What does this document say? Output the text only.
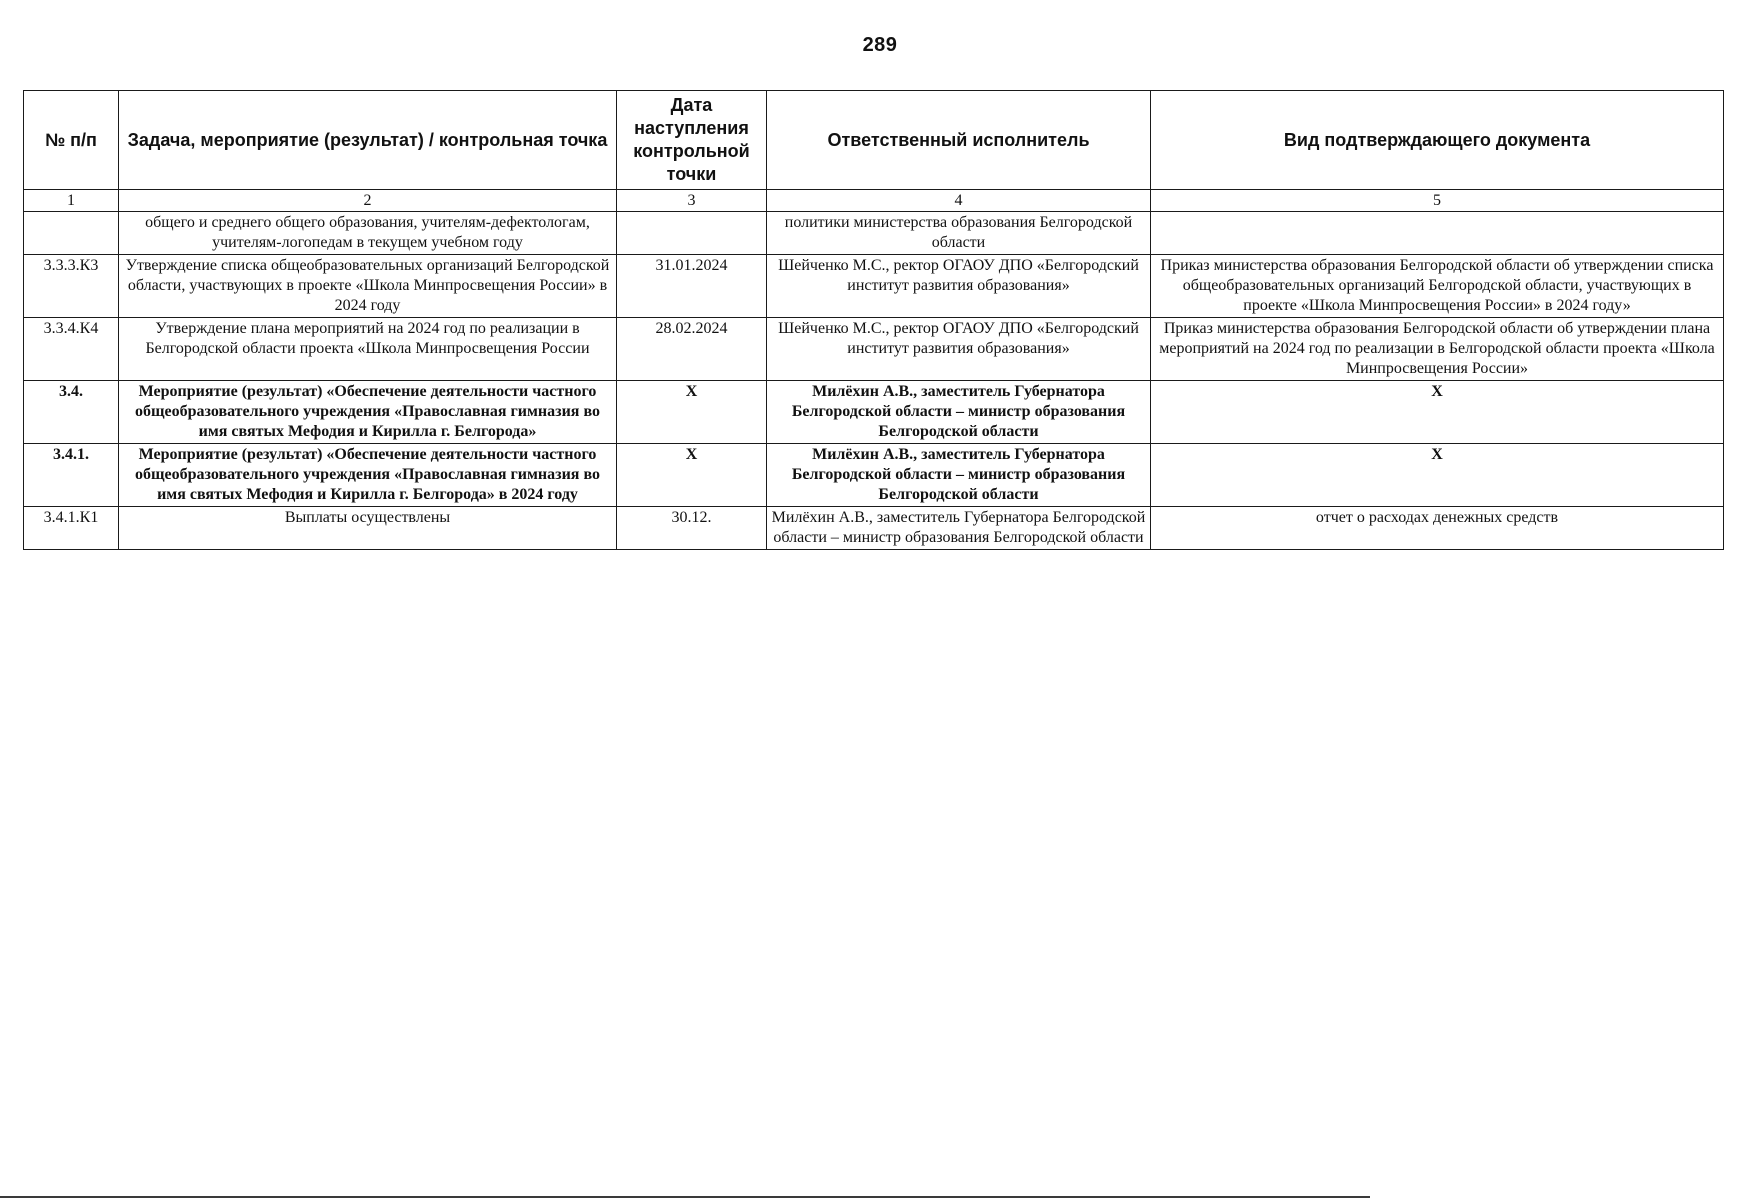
289
№ п/п	Задача, мероприятие (результат) / контрольная точка	Дата наступления контрольной точки	Ответственный исполнитель	Вид подтверждающего документа
1	2	3	4	5
	общего и среднего общего образования, учителям-дефектологам, учителям-логопедам в текущем учебном году		политики министерства образования Белгородской области	
3.3.3.К3	Утверждение списка общеобразовательных организаций Белгородской области, участвующих в проекте «Школа Минпросвещения России» в 2024 году	31.01.2024	Шейченко М.С., ректор ОГАОУ ДПО «Белгородский институт развития образования»	Приказ министерства образования Белгородской области об утверждении списка общеобразовательных организаций Белгородской области, участвующих в проекте «Школа Минпросвещения России» в 2024 году»
3.3.4.К4	Утверждение плана мероприятий на 2024 год по реализации в Белгородской области проекта «Школа Минпросвещения России	28.02.2024	Шейченко М.С., ректор ОГАОУ ДПО «Белгородский институт развития образования»	Приказ министерства образования Белгородской области об утверждении плана мероприятий на 2024 год по реализации в Белгородской области проекта «Школа Минпросвещения России»
3.4.	Мероприятие (результат) «Обеспечение деятельности частного общеобразовательного учреждения «Православная гимназия во имя святых Мефодия и Кирилла г. Белгорода»	Х	Милёхин А.В., заместитель Губернатора Белгородской области – министр образования Белгородской области	Х
3.4.1.	Мероприятие (результат) «Обеспечение деятельности частного общеобразовательного учреждения «Православная гимназия во имя святых Мефодия и Кирилла г. Белгорода» в 2024 году	Х	Милёхин А.В., заместитель Губернатора Белгородской области – министр образования Белгородской области	Х
3.4.1.К1	Выплаты осуществлены	30.12.	Милёхин А.В., заместитель Губернатора Белгородской области – министр образования Белгородской области	отчет о расходах денежных средств
